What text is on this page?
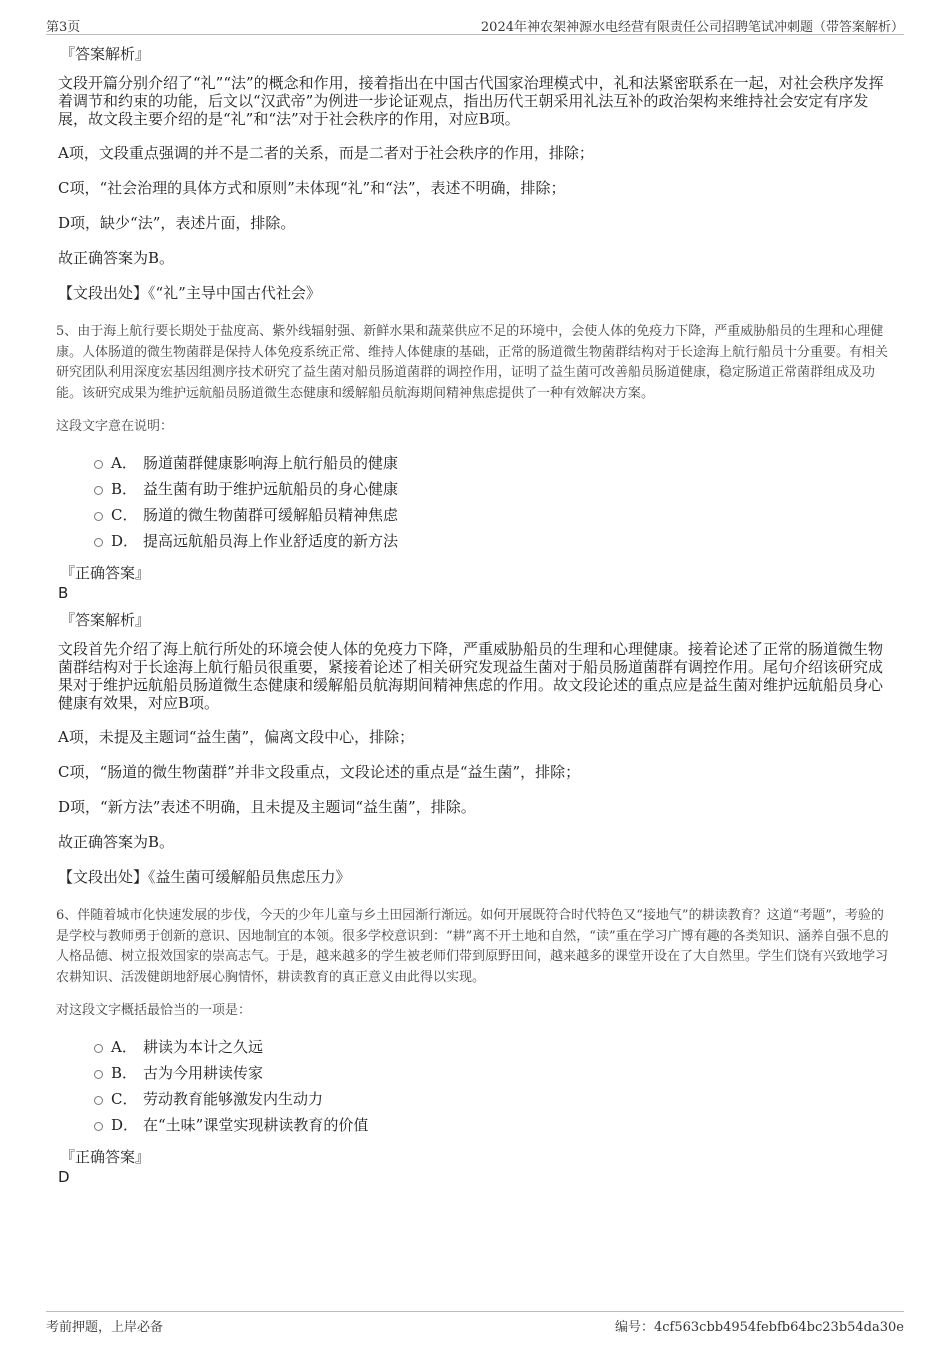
第3页	2024年神农架神源水电经营有限责任公司招聘笔试冲刺题（带答案解析）
『答案解析』
文段开篇分别介绍了“礼”“法”的概念和作用，接着指出在中国古代国家治理模式中，礼和法紧密联系在一起，对社会秩序发挥着调节和约束的功能，后文以“汉武帝”为例进一步论证观点，指出历代王朝采用礼法互补的政治架构来维持社会安定有序发展，故文段主要介绍的是“礼”和“法”对于社会秩序的作用，对应B项。
A项，文段重点强调的并不是二者的关系，而是二者对于社会秩序的作用，排除；
C项，“社会治理的具体方式和原则”未体现“礼”和“法”，表述不明确，排除；
D项，缺少“法”，表述片面，排除。
故正确答案为B。
【文段出处】《“礼”主导中国古代社会》
5、由于海上航行要长期处于盐度高、紫外线辐射强、新鲜水果和蔬菜供应不足的环境中，会使人体的免疫力下降，严重威胁船员的生理和心理健康。人体肠道的微生物菌群是保持人体免疫系统正常、维持人体健康的基础，正常的肠道微生物菌群结构对于长途海上航行船员十分重要。有相关研究团队利用深度宏基因组测序技术研究了益生菌对船员肠道菌群的调控作用，证明了益生菌可改善船员肠道健康，稳定肠道正常菌群组成及功能。该研究成果为维护远航船员肠道微生态健康和缓解船员航海期间精神焦虑提供了一种有效解决方案。
这段文字意在说明：
A． 肠道菌群健康影响海上航行船员的健康
B． 益生菌有助于维护远航船员的身心健康
C． 肠道的微生物菌群可缓解船员精神焦虑
D． 提高远航船员海上作业舒适度的新方法
『正确答案』
B
『答案解析』
文段首先介绍了海上航行所处的环境会使人体的免疫力下降，严重威胁船员的生理和心理健康。接着论述了正常的肠道微生物菌群结构对于长途海上航行船员很重要，紧接着论述了相关研究发现益生菌对于船员肠道菌群有调控作用。尾句介绍该研究成果对于维护远航船员肠道微生态健康和缓解船员航海期间精神焦虑的作用。故文段论述的重点应是益生菌对维护远航船员身心健康有效果，对应B项。
A项，未提及主题词“益生菌”，偏离文段中心，排除；
C项，“肠道的微生物菌群”并非文段重点，文段论述的重点是“益生菌”，排除；
D项，“新方法”表述不明确，且未提及主题词“益生菌”，排除。
故正确答案为B。
【文段出处】《益生菌可缓解船员焦虑压力》
6、伴随着城市化快速发展的步伐，今天的少年儿童与乡土田园渐行渐远。如何开展既符合时代特色又“接地气”的耕读教育？这道“考题”，考验的是学校与教师勇于创新的意识、因地制宜的本领。很多学校意识到：“耕”离不开土地和自然，“读”重在学习广博有趣的各类知识、涵养自强不息的人格品德、树立报效国家的崇高志气。于是，越来越多的学生被老师们带到原野田间，越来越多的课堂开设在了大自然里。学生们饶有兴致地学习农耕知识、活泼健朗地舒展心胸情怀，耕读教育的真正意义由此得以实现。
对这段文字概括最恰当的一项是：
A． 耕读为本计之久远
B． 古为今用耕读传家
C． 劳动教育能够激发内生动力
D． 在“土味”课堂实现耕读教育的价值
『正确答案』
D
考前押题，上岸必备	编号：4cf563cbb4954febfb64bc23b54da30e
